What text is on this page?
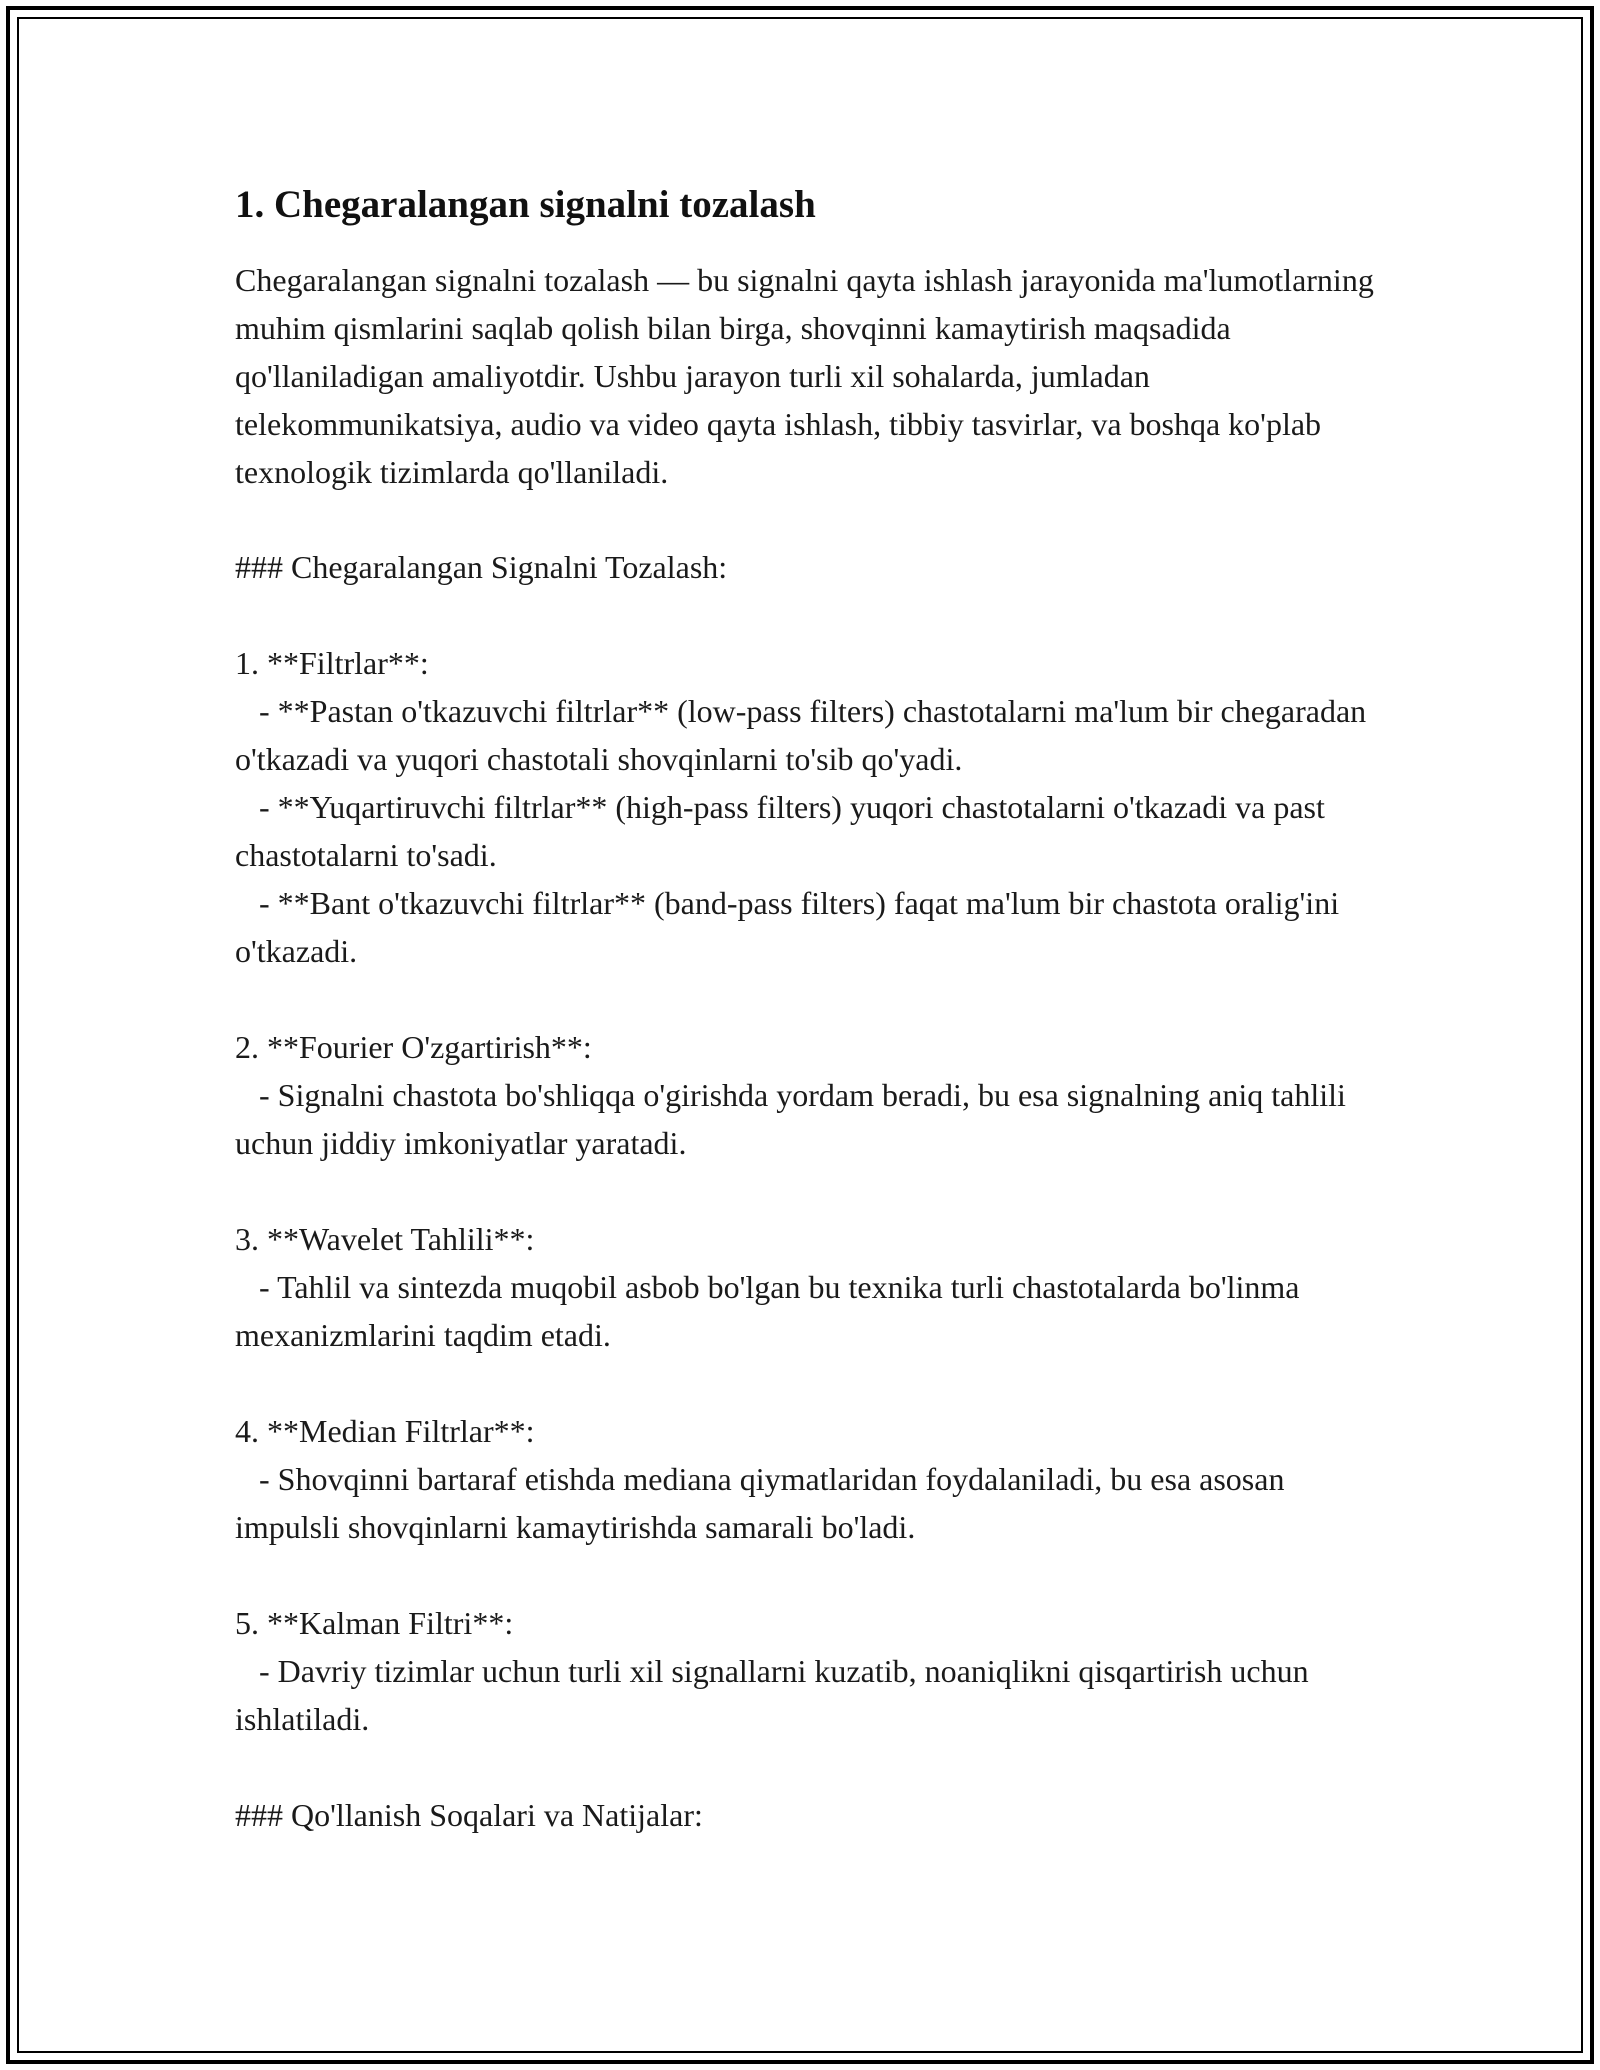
1. Chegaralangan signalni tozalash

Chegaralangan signalni tozalash — bu signalni qayta ishlash jarayonida ma'lumotlarning muhim qismlarini saqlab qolish bilan birga, shovqinni kamaytirish maqsadida qo'llaniladigan amaliyotdir. Ushbu jarayon turli xil sohalarda, jumladan telekommunikatsiya, audio va video qayta ishlash, tibbiy tasvirlar, va boshqa ko'plab texnologik tizimlarda qo'llaniladi.

### Chegaralangan Signalni Tozalash:

1. **Filtrlar**:
- **Pastan o'tkazuvchi filtrlar** (low-pass filters) chastotalarni ma'lum bir chegaradan o'tkazadi va yuqori chastotali shovqinlarni to'sib qo'yadi.
- **Yuqartiruvchi filtrlar** (high-pass filters) yuqori chastotalarni o'tkazadi va past chastotalarni to'sadi.
- **Bant o'tkazuvchi filtrlar** (band-pass filters) faqat ma'lum bir chastota oralig'ini o'tkazadi.
2. **Fourier O'zgartirish**:
- Signalni chastota bo'shliqqa o'girishda yordam beradi, bu esa signalning aniq tahlili uchun jiddiy imkoniyatlar yaratadi.
3. **Wavelet Tahlili**:
- Tahlil va sintezda muqobil asbob bo'lgan bu texnika turli chastotalarda bo'linma mexanizmlarini taqdim etadi.
4. **Median Filtrlar**:
- Shovqinni bartaraf etishda mediana qiymatlaridan foydalaniladi, bu esa asosan impulsli shovqinlarni kamaytirishda samarali bo'ladi.
5. **Kalman Filtri**:
- Davriy tizimlar uchun turli xil signallarni kuzatib, noaniqlikni qisqartirish uchun ishlatiladi.

### Qo'llanish Soqalari va Natijalar:
